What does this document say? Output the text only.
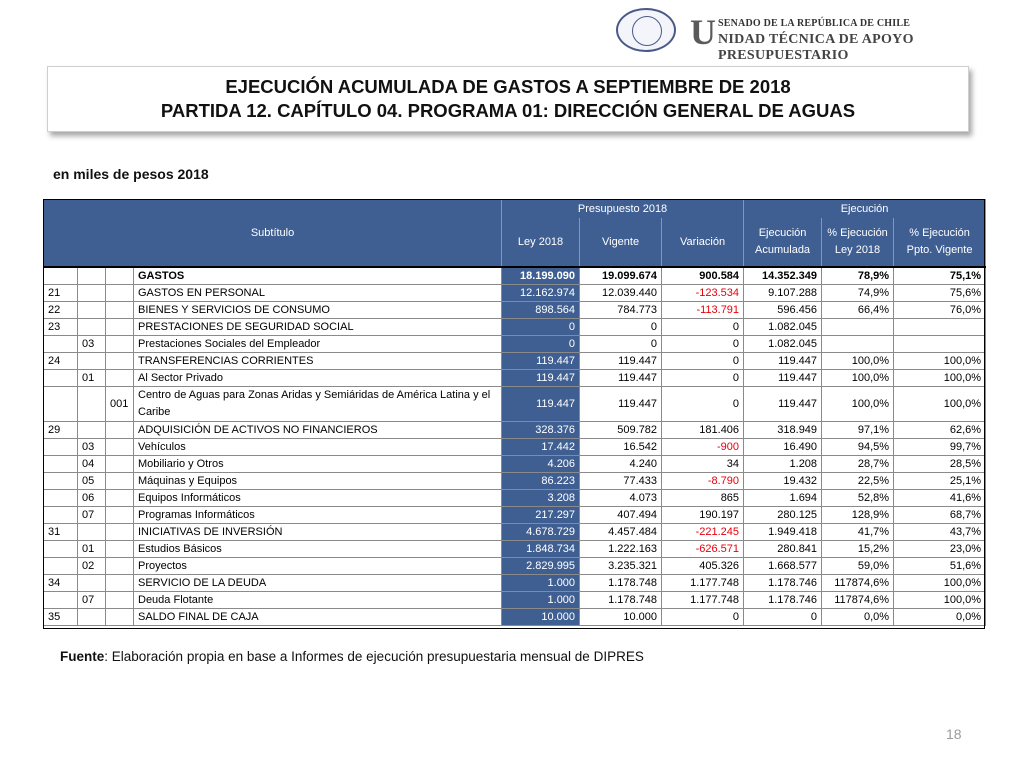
U SENADO DE LA REPÚBLICA DE CHILE
NIDAD TÉCNICA DE APOYO PRESUPUESTARIO
EJECUCIÓN ACUMULADA DE GASTOS A SEPTIEMBRE DE 2018
PARTIDA 12. CAPÍTULO 04. PROGRAMA 01: DIRECCIÓN GENERAL DE AGUAS
en miles de pesos 2018
Subtítulo				Presupuesto 2018			Ejecución		
				Ley 2018	Vigente	Variación	Ejecución Acumulada	% Ejecución Ley 2018	% Ejecución Ppto. Vigente
			GASTOS	18.199.090	19.099.674	900.584	14.352.349	78,9%	75,1%
21			GASTOS EN PERSONAL	12.162.974	12.039.440	-123.534	9.107.288	74,9%	75,6%
22			BIENES Y SERVICIOS DE CONSUMO	898.564	784.773	-113.791	596.456	66,4%	76,0%
23			PRESTACIONES DE SEGURIDAD SOCIAL	0	0	0	1.082.045		
	03		Prestaciones Sociales del Empleador	0	0	0	1.082.045		
24			TRANSFERENCIAS CORRIENTES	119.447	119.447	0	119.447	100,0%	100,0%
	01		Al Sector Privado	119.447	119.447	0	119.447	100,0%	100,0%
		001	Centro de Aguas para Zonas Aridas y Semiáridas de América Latina y el Caribe	119.447	119.447	0	119.447	100,0%	100,0%
29			ADQUISICIÓN DE ACTIVOS NO FINANCIEROS	328.376	509.782	181.406	318.949	97,1%	62,6%
	03		Vehículos	17.442	16.542	-900	16.490	94,5%	99,7%
	04		Mobiliario y Otros	4.206	4.240	34	1.208	28,7%	28,5%
	05		Máquinas y Equipos	86.223	77.433	-8.790	19.432	22,5%	25,1%
	06		Equipos Informáticos	3.208	4.073	865	1.694	52,8%	41,6%
	07		Programas Informáticos	217.297	407.494	190.197	280.125	128,9%	68,7%
31			INICIATIVAS DE INVERSIÓN	4.678.729	4.457.484	-221.245	1.949.418	41,7%	43,7%
	01		Estudios Básicos	1.848.734	1.222.163	-626.571	280.841	15,2%	23,0%
	02		Proyectos	2.829.995	3.235.321	405.326	1.668.577	59,0%	51,6%
34			SERVICIO DE LA DEUDA	1.000	1.178.748	1.177.748	1.178.746	117874,6%	100,0%
	07		Deuda Flotante	1.000	1.178.748	1.177.748	1.178.746	117874,6%	100,0%
35			SALDO FINAL DE CAJA	10.000	10.000	0	0	0,0%	0,0%
Fuente: Elaboración propia en base a Informes de ejecución presupuestaria mensual de DIPRES
18
